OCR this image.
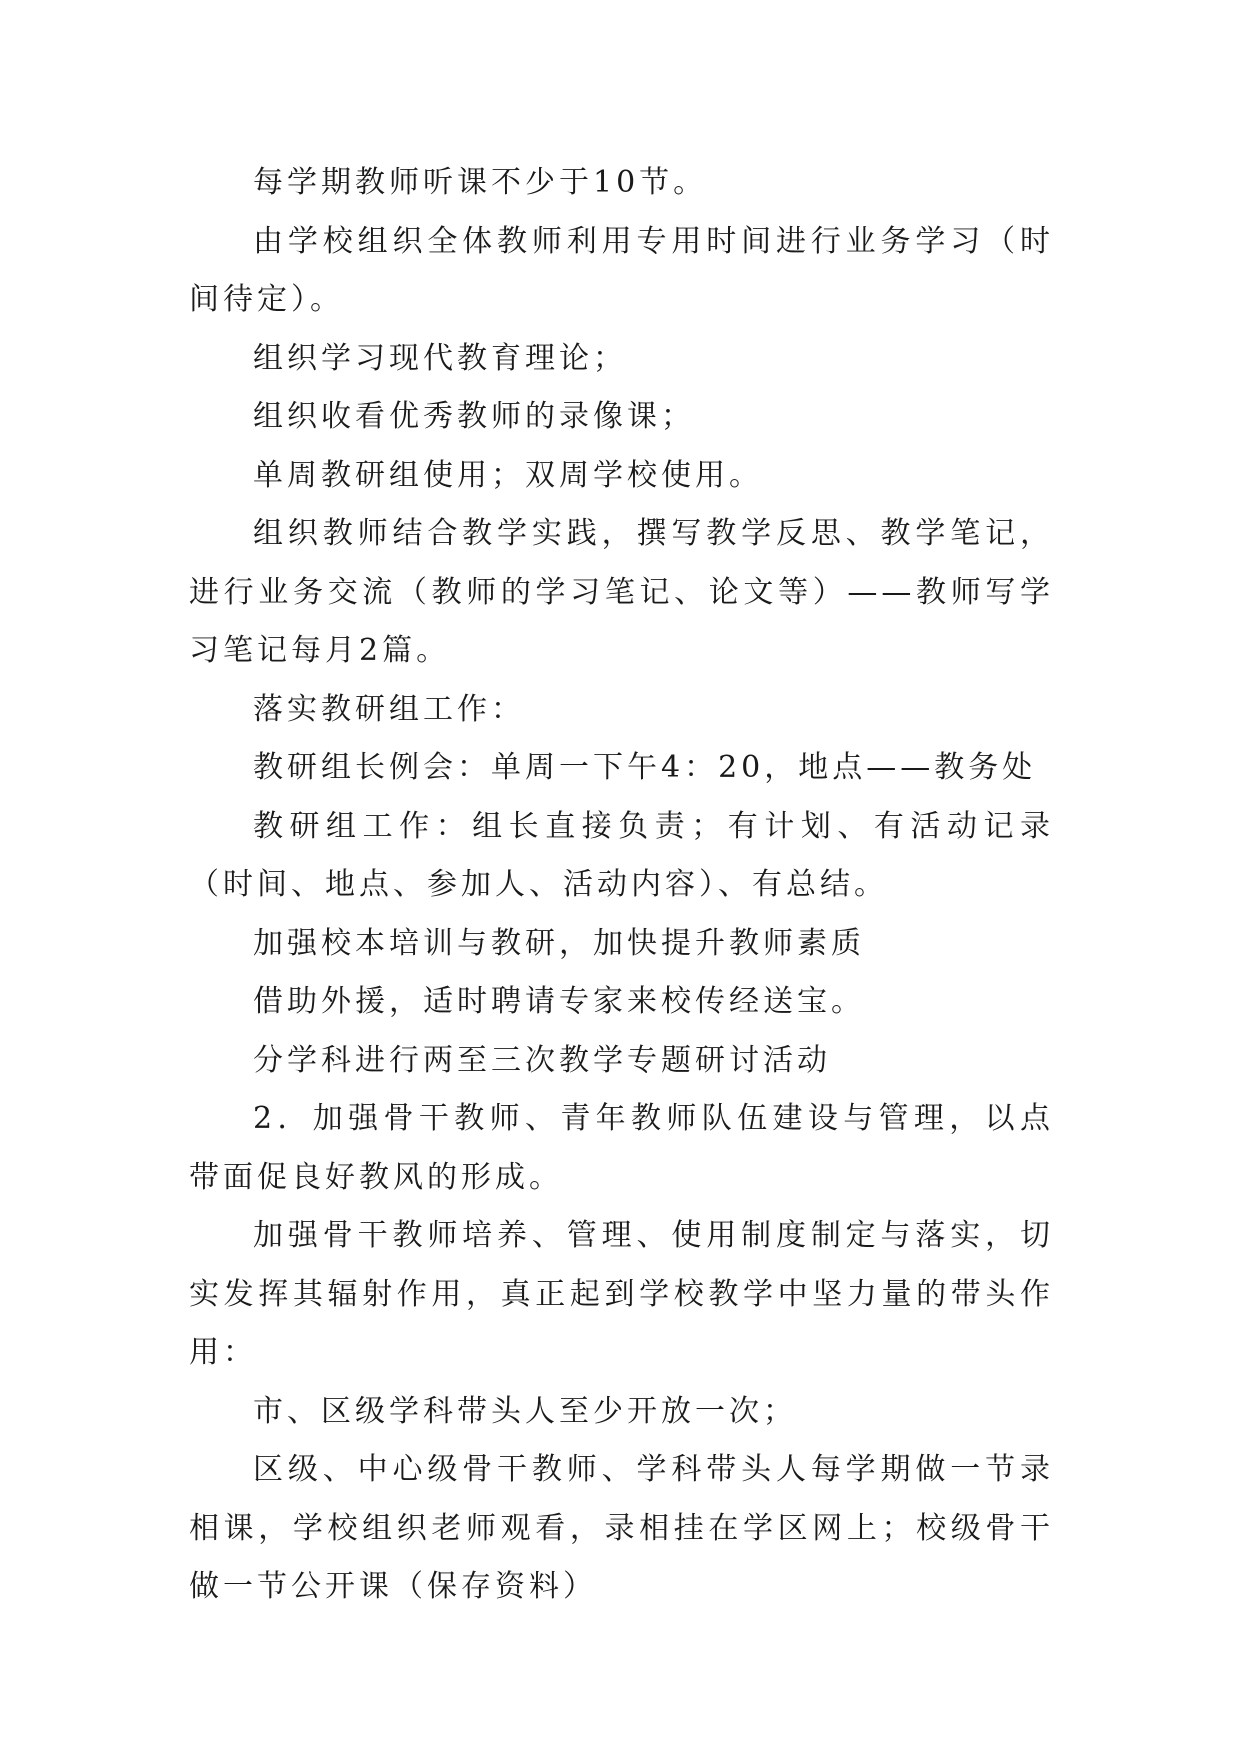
每学期教师听课不少于10节。

由学校组织全体教师利用专用时间进行业务学习（时间待定）。

组织学习现代教育理论；

组织收看优秀教师的录像课；

单周教研组使用；双周学校使用。

组织教师结合教学实践，撰写教学反思、教学笔记，进行业务交流（教师的学习笔记、论文等）——教师写学习笔记每月2篇。

落实教研组工作：

教研组长例会：单周一下午4：20，地点——教务处

教研组工作：组长直接负责；有计划、有活动记录（时间、地点、参加人、活动内容）、有总结。

加强校本培训与教研，加快提升教师素质

借助外援，适时聘请专家来校传经送宝。

分学科进行两至三次教学专题研讨活动

2．加强骨干教师、青年教师队伍建设与管理，以点带面促良好教风的形成。

加强骨干教师培养、管理、使用制度制定与落实，切实发挥其辐射作用，真正起到学校教学中坚力量的带头作用：

市、区级学科带头人至少开放一次；

区级、中心级骨干教师、学科带头人每学期做一节录相课，学校组织老师观看，录相挂在学区网上；校级骨干做一节公开课（保存资料）
